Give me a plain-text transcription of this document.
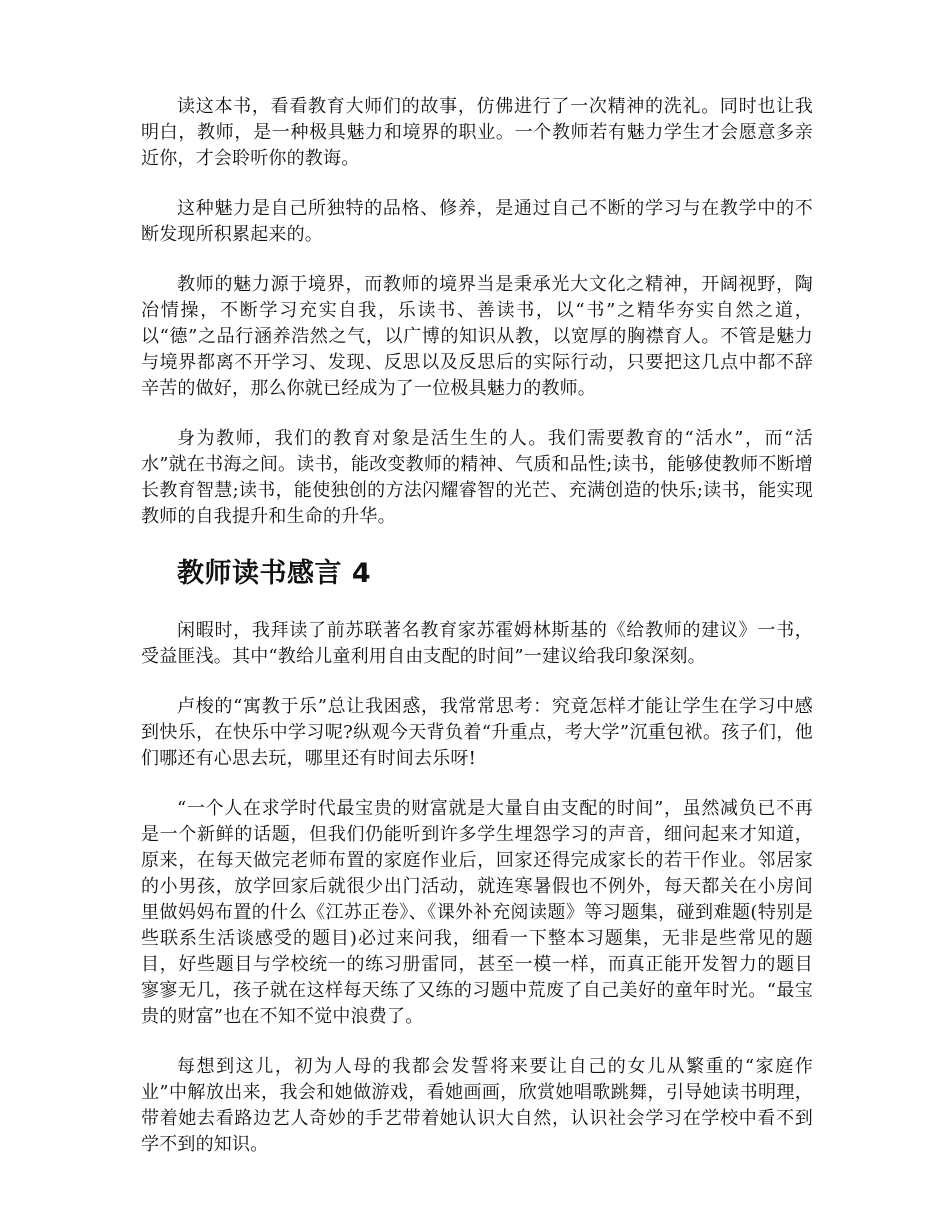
读这本书，看看教育大师们的故事，仿佛进行了一次精神的洗礼。同时也让我明白，教师，是一种极具魅力和境界的职业。一个教师若有魅力学生才会愿意多亲近你，才会聆听你的教诲。

这种魅力是自己所独特的品格、修养，是通过自己不断的学习与在教学中的不断发现所积累起来的。

教师的魅力源于境界，而教师的境界当是秉承光大文化之精神，开阔视野，陶冶情操，不断学习充实自我，乐读书、善读书，以“书”之精华夯实自然之道，以“德”之品行涵养浩然之气，以广博的知识从教，以宽厚的胸襟育人。不管是魅力与境界都离不开学习、发现、反思以及反思后的实际行动，只要把这几点中都不辞辛苦的做好，那么你就已经成为了一位极具魅力的教师。

身为教师，我们的教育对象是活生生的人。我们需要教育的“活水”，而“活水”就在书海之间。读书，能改变教师的精神、气质和品性;读书，能够使教师不断增长教育智慧;读书，能使独创的方法闪耀睿智的光芒、充满创造的快乐;读书，能实现教师的自我提升和生命的升华。

教师读书感言 4

闲暇时，我拜读了前苏联著名教育家苏霍姆林斯基的《给教师的建议》一书，受益匪浅。其中“教给儿童利用自由支配的时间”一建议给我印象深刻。

卢梭的“寓教于乐”总让我困惑，我常常思考：究竟怎样才能让学生在学习中感到快乐，在快乐中学习呢?纵观今天背负着“升重点，考大学”沉重包袱。孩子们，他们哪还有心思去玩，哪里还有时间去乐呀!

“一个人在求学时代最宝贵的财富就是大量自由支配的时间”，虽然减负已不再是一个新鲜的话题，但我们仍能听到许多学生埋怨学习的声音，细问起来才知道，原来，在每天做完老师布置的家庭作业后，回家还得完成家长的若干作业。邻居家的小男孩，放学回家后就很少出门活动，就连寒暑假也不例外，每天都关在小房间里做妈妈布置的什么《江苏正卷》、《课外补充阅读题》等习题集，碰到难题(特别是些联系生活谈感受的题目)必过来问我，细看一下整本习题集，无非是些常见的题目，好些题目与学校统一的练习册雷同，甚至一模一样，而真正能开发智力的题目寥寥无几，孩子就在这样每天练了又练的习题中荒废了自己美好的童年时光。“最宝贵的财富”也在不知不觉中浪费了。

每想到这儿，初为人母的我都会发誓将来要让自己的女儿从繁重的“家庭作业”中解放出来，我会和她做游戏，看她画画，欣赏她唱歌跳舞，引导她读书明理，带着她去看路边艺人奇妙的手艺带着她认识大自然，认识社会学习在学校中看不到学不到的知识。
